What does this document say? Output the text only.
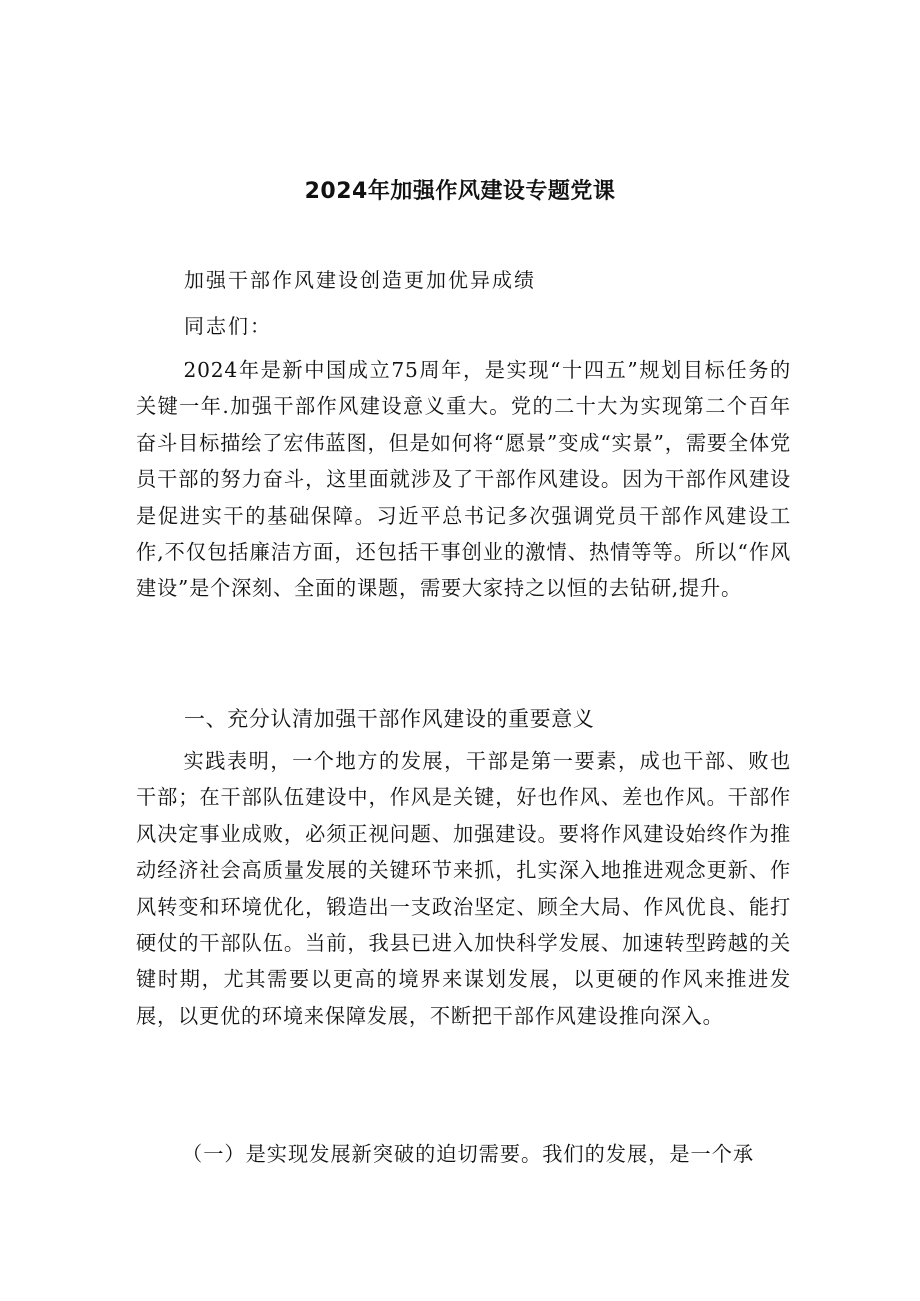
2024年加强作风建设专题党课
加强干部作风建设创造更加优异成绩
同志们：
2024年是新中国成立75周年，是实现“十四五”规划目标任务的关键一年.加强干部作风建设意义重大。党的二十大为实现第二个百年奋斗目标描绘了宏伟蓝图，但是如何将“愿景”变成“实景”，需要全体党员干部的努力奋斗，这里面就涉及了干部作风建设。因为干部作风建设是促进实干的基础保障。习近平总书记多次强调党员干部作风建设工作,不仅包括廉洁方面，还包括干事创业的激情、热情等等。所以“作风建设”是个深刻、全面的课题，需要大家持之以恒的去钻研,提升。
一、充分认清加强干部作风建设的重要意义
实践表明，一个地方的发展，干部是第一要素，成也干部、败也干部；在干部队伍建设中，作风是关键，好也作风、差也作风。干部作风决定事业成败，必须正视问题、加强建设。要将作风建设始终作为推动经济社会高质量发展的关键环节来抓，扎实深入地推进观念更新、作风转变和环境优化，锻造出一支政治坚定、顾全大局、作风优良、能打硬仗的干部队伍。当前，我县已进入加快科学发展、加速转型跨越的关键时期，尤其需要以更高的境界来谋划发展，以更硬的作风来推进发展，以更优的环境来保障发展，不断把干部作风建设推向深入。
（一）是实现发展新突破的迫切需要。我们的发展，是一个承
